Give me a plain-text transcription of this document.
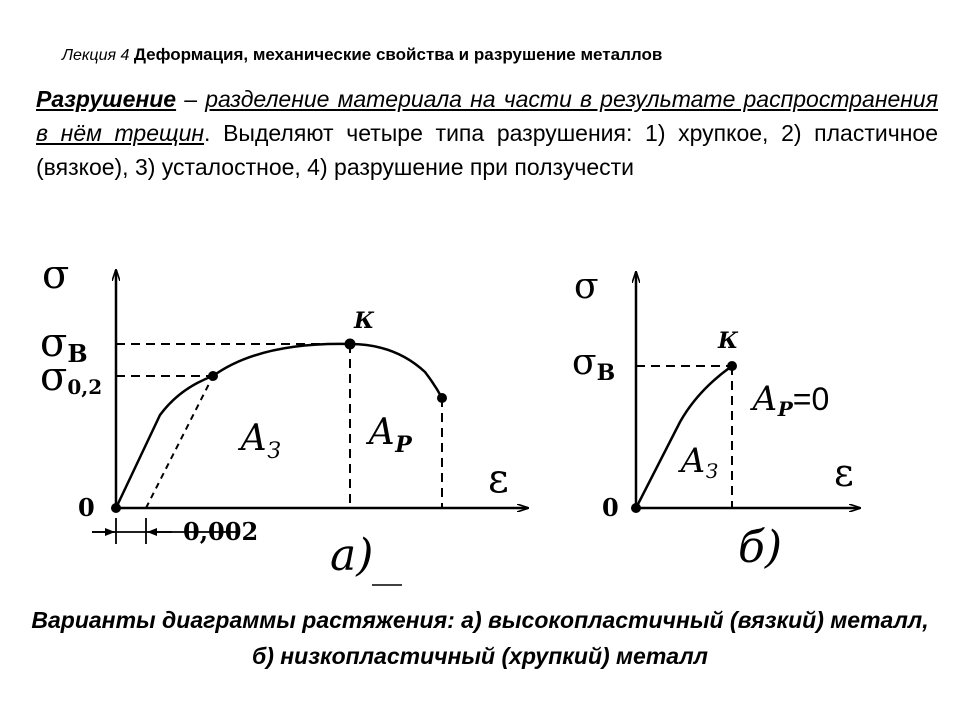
Лекция 4 Деформация, механические свойства и разрушение металлов
Разрушение – разделение материала на части в результате распространения в нём трещин. Выделяют четыре типа разрушения: 1) хрупкое, 2) пластичное (вязкое), 3) усталостное, 4) разрушение при ползучести
σ
σВ
σ0,2
0
ε
К
$А_З$ $А_Р$
0,002 а)
σ
σВ
0
ε
К
АР=0
АЗ
б)
Варианты диаграммы растяжения: а) высокопластичный (вязкий) металл, б) низкопластичный (хрупкий) металл
